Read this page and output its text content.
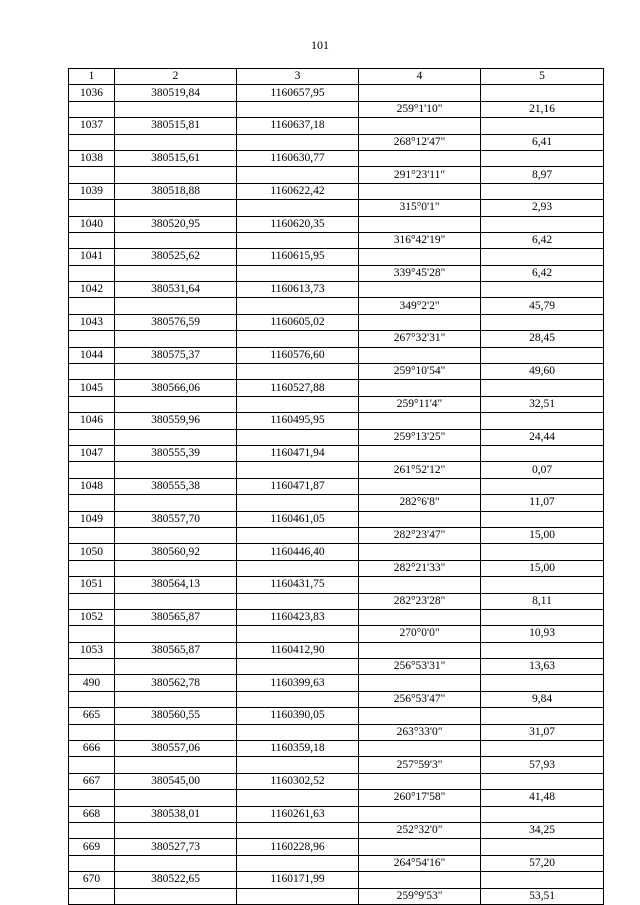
101
1	2	3	4	5
1036	380519,84	1160657,95		
			259°1'10"	21,16
1037	380515,81	1160637,18		
			268°12'47"	6,41
1038	380515,61	1160630,77		
			291°23'11"	8,97
1039	380518,88	1160622,42		
			315°0'1"	2,93
1040	380520,95	1160620,35		
			316°42'19"	6,42
1041	380525,62	1160615,95		
			339°45'28"	6,42
1042	380531,64	1160613,73		
			349°2'2"	45,79
1043	380576,59	1160605,02		
			267°32'31"	28,45
1044	380575,37	1160576,60		
			259°10'54"	49,60
1045	380566,06	1160527,88		
			259°11'4"	32,51
1046	380559,96	1160495,95		
			259°13'25"	24,44
1047	380555,39	1160471,94		
			261°52'12"	0,07
1048	380555,38	1160471,87		
			282°6'8"	11,07
1049	380557,70	1160461,05		
			282°23'47"	15,00
1050	380560,92	1160446,40		
			282°21'33"	15,00
1051	380564,13	1160431,75		
			282°23'28"	8,11
1052	380565,87	1160423,83		
			270°0'0"	10,93
1053	380565,87	1160412,90		
			256°53'31"	13,63
490	380562,78	1160399,63		
			256°53'47"	9,84
665	380560,55	1160390,05		
			263°33'0"	31,07
666	380557,06	1160359,18		
			257°59'3"	57,93
667	380545,00	1160302,52		
			260°17'58"	41,48
668	380538,01	1160261,63		
			252°32'0"	34,25
669	380527,73	1160228,96		
			264°54'16"	57,20
670	380522,65	1160171,99		
			259°9'53"	53,51
